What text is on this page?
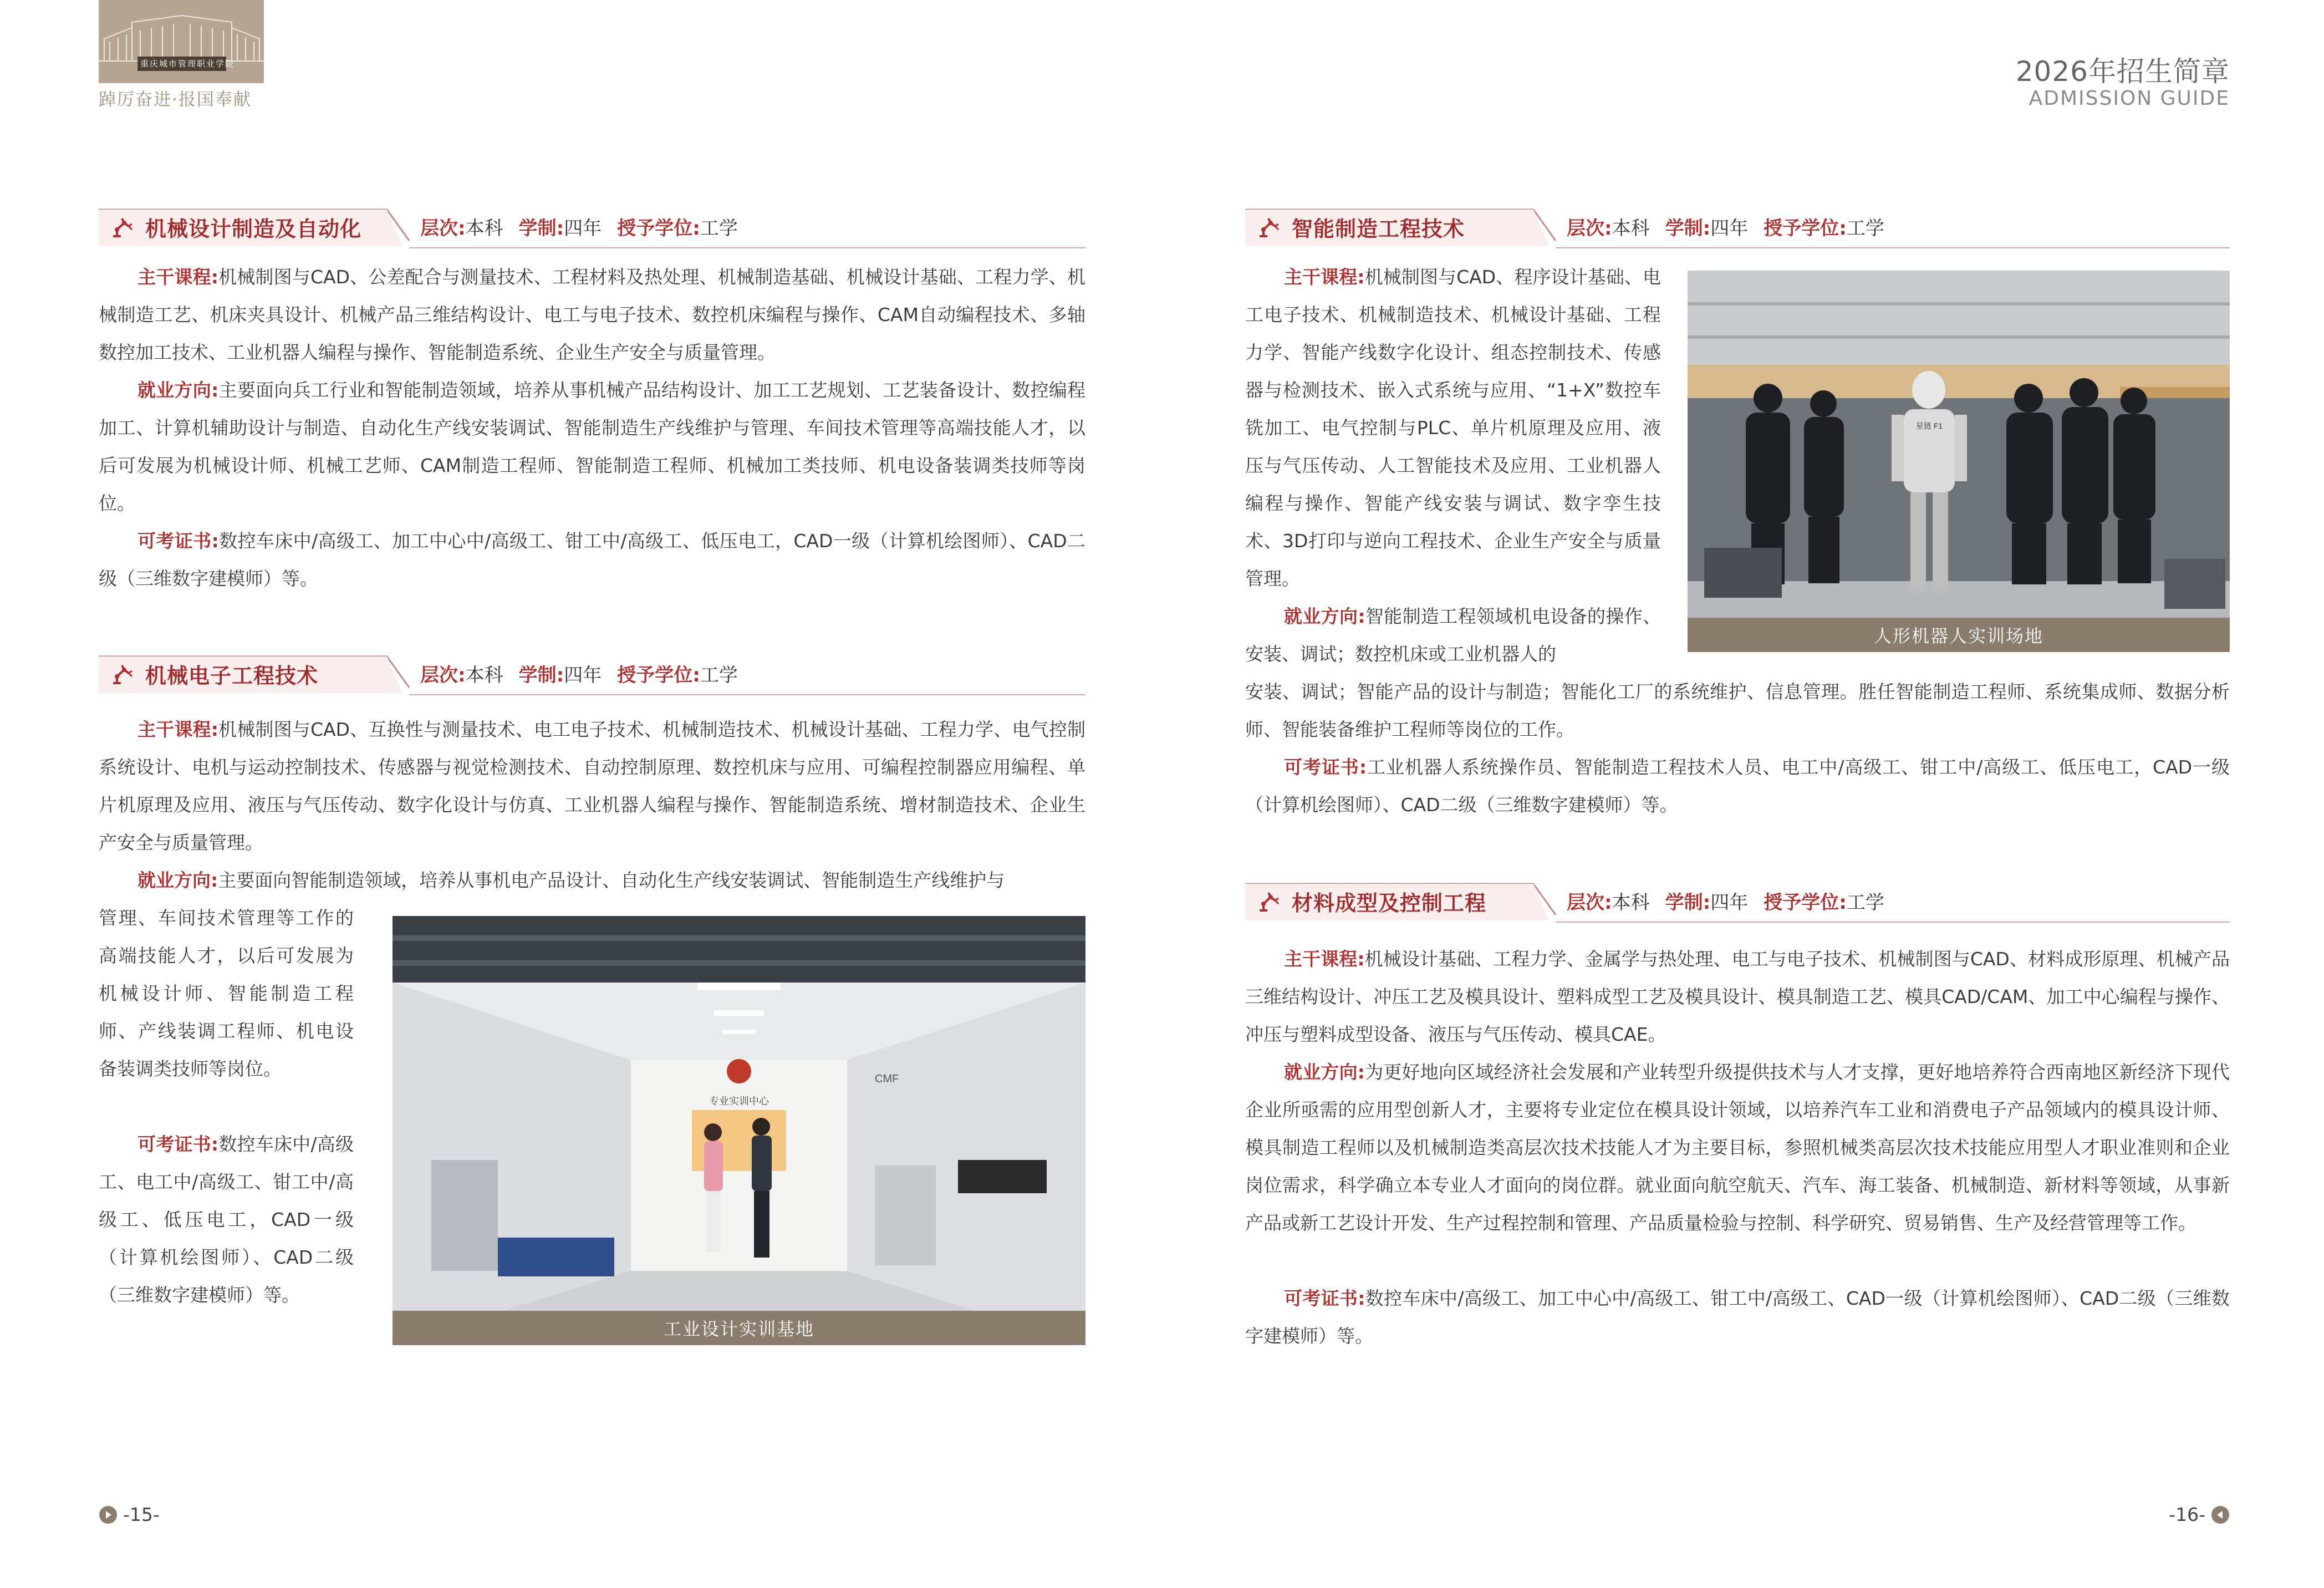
重庆城市管理职业学院
踔厉奋进·报国奉献
2026年招生简章
ADMISSION GUIDE
机械设计制造及自动化	层次:本科 学制:四年 授予学位:工学
主干课程:机械制图与CAD、公差配合与测量技术、工程材料及热处理、机械制造基础、机械设计基础、工程力学、机械制造工艺、机床夹具设计、机械产品三维结构设计、电工与电子技术、数控机床编程与操作、CAM自动编程技术、多轴数控加工技术、工业机器人编程与操作、智能制造系统、企业生产安全与质量管理。
就业方向:主要面向兵工行业和智能制造领域，培养从事机械产品结构设计、加工工艺规划、工艺装备设计、数控编程加工、计算机辅助设计与制造、自动化生产线安装调试、智能制造生产线维护与管理、车间技术管理等高端技能人才，以后可发展为机械设计师、机械工艺师、CAM制造工程师、智能制造工程师、机械加工类技师、机电设备装调类技师等岗位。
可考证书:数控车床中/高级工、加工中心中/高级工、钳工中/高级工、低压电工，CAD一级（计算机绘图师）、CAD二级（三维数字建模师）等。
机械电子工程技术	层次:本科 学制:四年 授予学位:工学
主干课程:机械制图与CAD、互换性与测量技术、电工电子技术、机械制造技术、机械设计基础、工程力学、电气控制系统设计、电机与运动控制技术、传感器与视觉检测技术、自动控制原理、数控机床与应用、可编程控制器应用编程、单片机原理及应用、液压与气压传动、数字化设计与仿真、工业机器人编程与操作、智能制造系统、增材制造技术、企业生产安全与质量管理。
就业方向:主要面向智能制造领域，培养从事机电产品设计、自动化生产线安装调试、智能制造生产线维护与
管理、车间技术管理等工作的高端技能人才，以后可发展为机械设计师、智能制造工程师、产线装调工程师、机电设备装调类技师等岗位。
可考证书:数控车床中/高级工、电工中/高级工、钳工中/高级工、低压电工，CAD一级（计算机绘图师）、CAD二级（三维数字建模师）等。
专业实训中心
CMF
工业设计实训基地
智能制造工程技术	层次:本科 学制:四年 授予学位:工学
主干课程:机械制图与CAD、程序设计基础、电工电子技术、机械制造技术、机械设计基础、工程力学、智能产线数字化设计、组态控制技术、传感器与检测技术、嵌入式系统与应用、“1+X”数控车铣加工、电气控制与PLC、单片机原理及应用、液压与气压传动、人工智能技术及应用、工业机器人编程与操作、智能产线安装与调试、数字孪生技术、3D打印与逆向工程技术、企业生产安全与质量管理。
就业方向:智能制造工程领域机电设备的操作、安装、调试；数控机床或工业机器人的
安装、调试；智能产品的设计与制造；智能化工厂的系统维护、信息管理。胜任智能制造工程师、系统集成师、数据分析师、智能装备维护工程师等岗位的工作。
可考证书:工业机器人系统操作员、智能制造工程技术人员、电工中/高级工、钳工中/高级工、低压电工，CAD一级（计算机绘图师）、CAD二级（三维数字建模师）等。
星链 F1
人形机器人实训场地
材料成型及控制工程	层次:本科 学制:四年 授予学位:工学
主干课程:机械设计基础、工程力学、金属学与热处理、电工与电子技术、机械制图与CAD、材料成形原理、机械产品三维结构设计、冲压工艺及模具设计、塑料成型工艺及模具设计、模具制造工艺、模具CAD/CAM、加工中心编程与操作、冲压与塑料成型设备、液压与气压传动、模具CAE。
就业方向:为更好地向区域经济社会发展和产业转型升级提供技术与人才支撑，更好地培养符合西南地区新经济下现代企业所亟需的应用型创新人才，主要将专业定位在模具设计领域，以培养汽车工业和消费电子产品领域内的模具设计师、模具制造工程师以及机械制造类高层次技术技能人才为主要目标，参照机械类高层次技术技能应用型人才职业准则和企业岗位需求，科学确立本专业人才面向的岗位群。就业面向航空航天、汽车、海工装备、机械制造、新材料等领域，从事新产品或新工艺设计开发、生产过程控制和管理、产品质量检验与控制、科学研究、贸易销售、生产及经营管理等工作。
可考证书:数控车床中/高级工、加工中心中/高级工、钳工中/高级工、CAD一级（计算机绘图师）、CAD二级（三维数字建模师）等。
-15-	-16-
